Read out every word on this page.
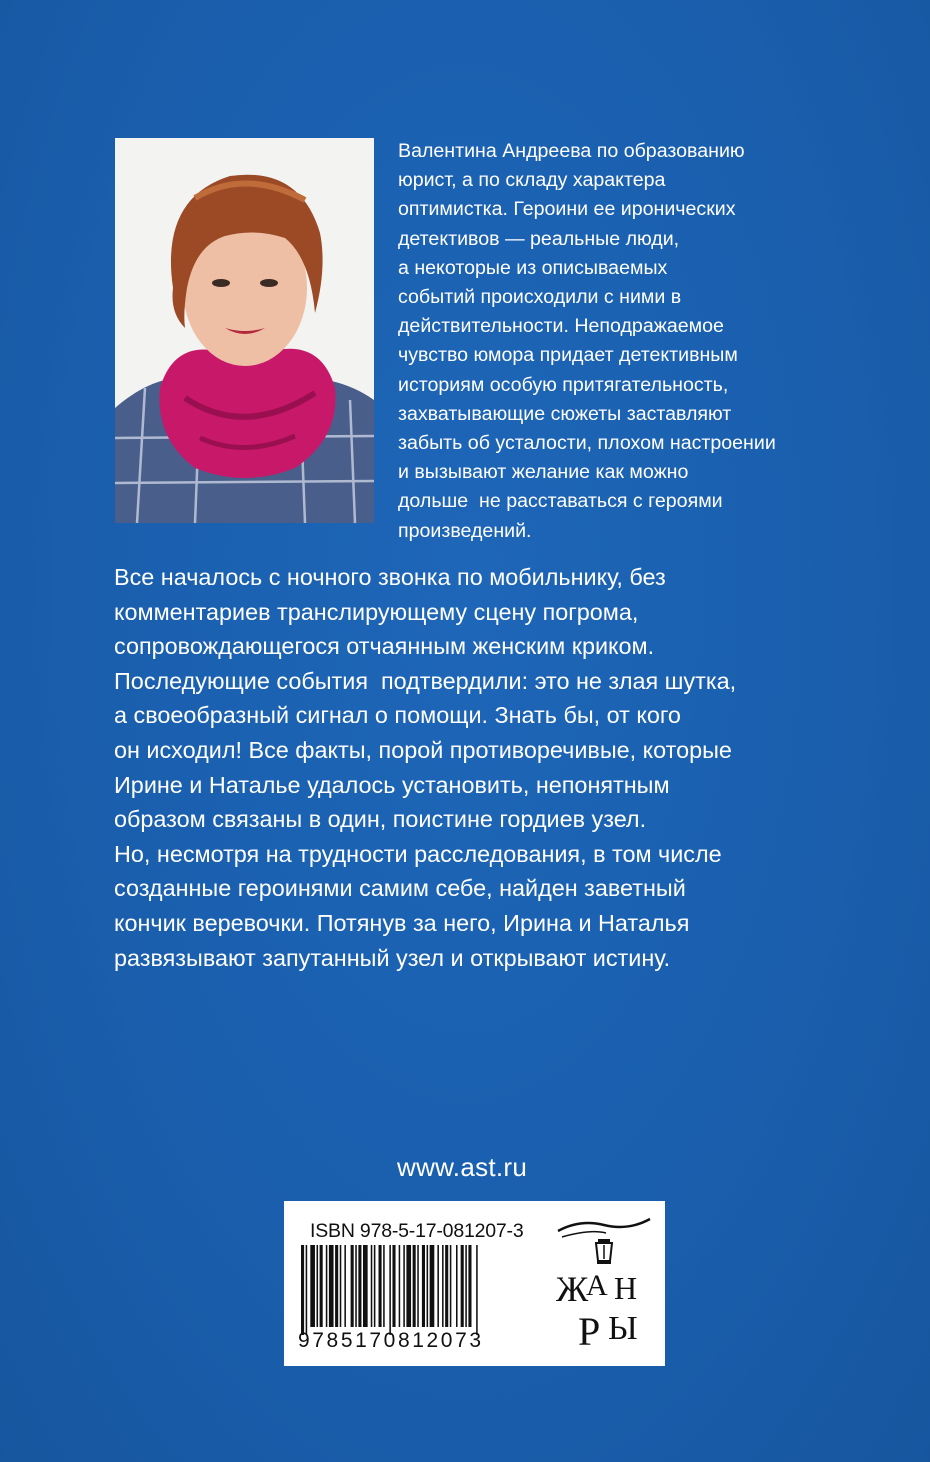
Валентина Андреева по образованию
юрист, а по складу характера
оптимистка. Героини ее иронических
детективов — реальные люди,
а некоторые из описываемых
событий происходили с ними в
действительности. Неподражаемое
чувство юмора придает детективным
историям особую притягательность,
захватывающие сюжеты заставляют
забыть об усталости, плохом настроении
и вызывают желание как можно
дольше  не расставаться с героями
произведений.
Все началось с ночного звонка по мобильнику, без
комментариев транслирующему сцену погрома,
сопровождающегося отчаянным женским криком.
Последующие события  подтвердили: это не злая шутка,
а своеобразный сигнал о помощи. Знать бы, от кого
он исходил! Все факты, порой противоречивые, которые
Ирине и Наталье удалось установить, непонятным
образом связаны в один, поистине гордиев узел.
Но, несмотря на трудности расследования, в том числе
созданные героинями самим себе, найден заветный
кончик веревочки. Потянув за него, Ирина и Наталья
развязывают запутанный узел и открывают истину.
www.ast.ru
ISBN 978-5-17-081207-3
9785170812073
Ж
А Н
Р Ы
